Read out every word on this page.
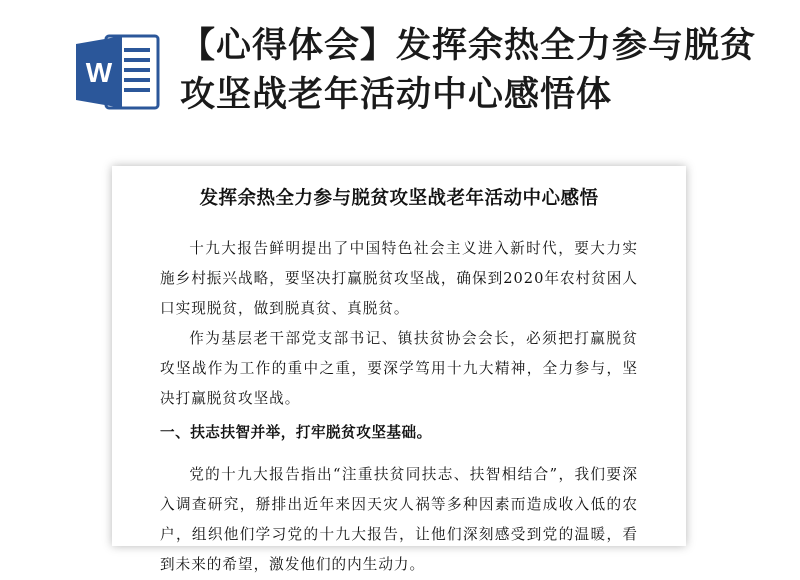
W
【心得体会】发挥余热全力参与脱贫攻坚战老年活动中心感悟体
发挥余热全力参与脱贫攻坚战老年活动中心感悟

十九大报告鲜明提出了中国特色社会主义进入新时代，要大力实施乡村振兴战略，要坚决打赢脱贫攻坚战，确保到2020年农村贫困人口实现脱贫，做到脱真贫、真脱贫。

作为基层老干部党支部书记、镇扶贫协会会长，必须把打赢脱贫攻坚战作为工作的重中之重，要深学笃用十九大精神，全力参与，坚决打赢脱贫攻坚战。

一、扶志扶智并举，打牢脱贫攻坚基础。

党的十九大报告指出“注重扶贫同扶志、扶智相结合”，我们要深入调查研究，掰排出近年来因天灾人祸等多种因素而造成收入低的农户，组织他们学习党的十九大报告，让他们深刻感受到党的温暖，看到未来的希望，激发他们的内生动力。
